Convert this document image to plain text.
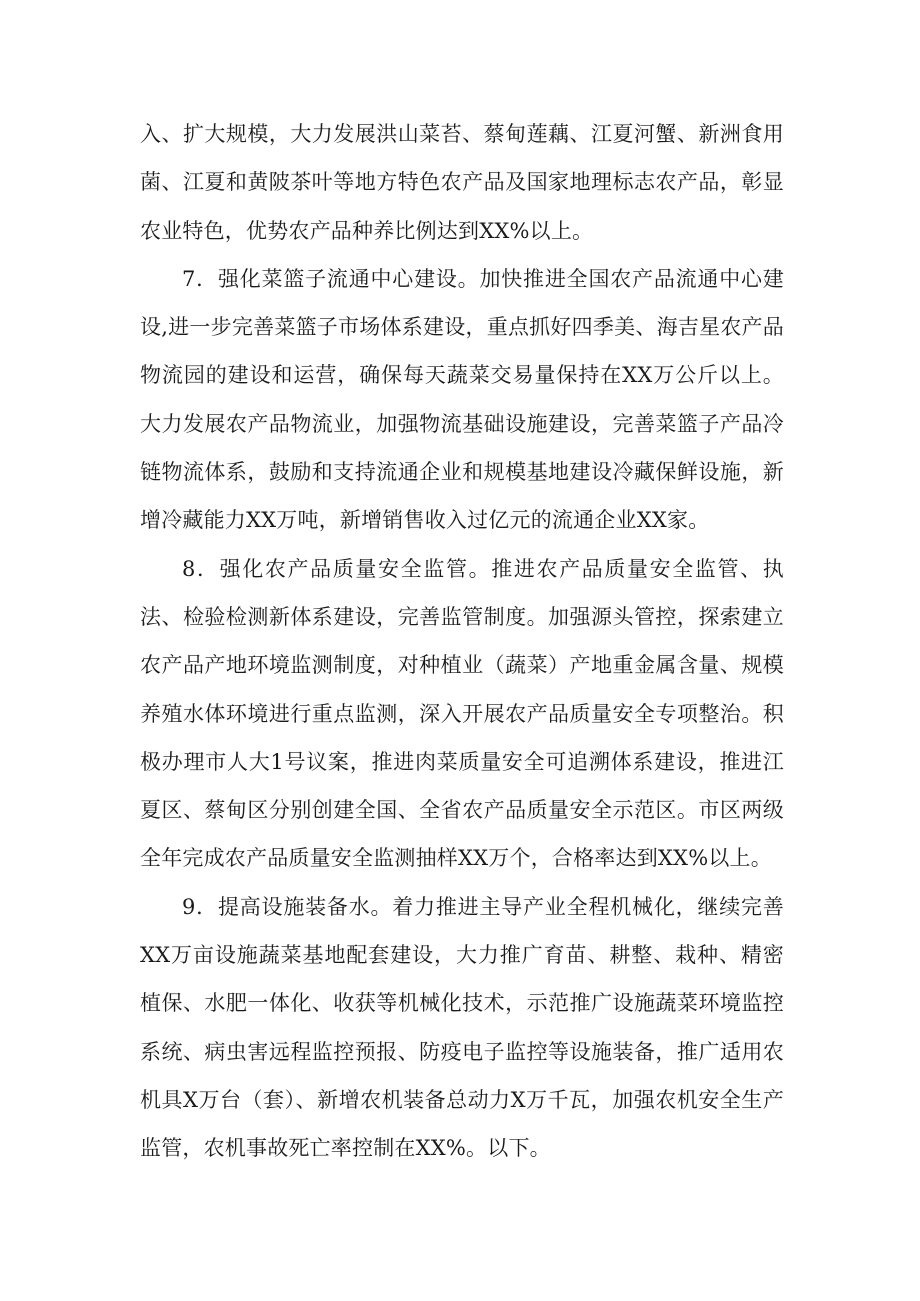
入、扩大规模，大力发展洪山菜苔、蔡甸莲藕、江夏河蟹、新洲食用菌、江夏和黄陂茶叶等地方特色农产品及国家地理标志农产品，彰显农业特色，优势农产品种养比例达到XX%以上。

7．强化菜篮子流通中心建设。加快推进全国农产品流通中心建设,进一步完善菜篮子市场体系建设，重点抓好四季美、海吉星农产品物流园的建设和运营，确保每天蔬菜交易量保持在XX万公斤以上。大力发展农产品物流业，加强物流基础设施建设，完善菜篮子产品冷链物流体系，鼓励和支持流通企业和规模基地建设冷藏保鲜设施，新增冷藏能力XX万吨，新增销售收入过亿元的流通企业XX家。

8．强化农产品质量安全监管。推进农产品质量安全监管、执法、检验检测新体系建设，完善监管制度。加强源头管控，探索建立农产品产地环境监测制度，对种植业（蔬菜）产地重金属含量、规模养殖水体环境进行重点监测，深入开展农产品质量安全专项整治。积极办理市人大1号议案，推进肉菜质量安全可追溯体系建设，推进江夏区、蔡甸区分别创建全国、全省农产品质量安全示范区。市区两级全年完成农产品质量安全监测抽样XX万个，合格率达到XX%以上。

9．提高设施装备水。着力推进主导产业全程机械化，继续完善XX万亩设施蔬菜基地配套建设，大力推广育苗、耕整、栽种、精密植保、水肥一体化、收获等机械化技术，示范推广设施蔬菜环境监控系统、病虫害远程监控预报、防疫电子监控等设施装备，推广适用农机具X万台（套）、新增农机装备总动力X万千瓦，加强农机安全生产监管，农机事故死亡率控制在XX%。以下。
